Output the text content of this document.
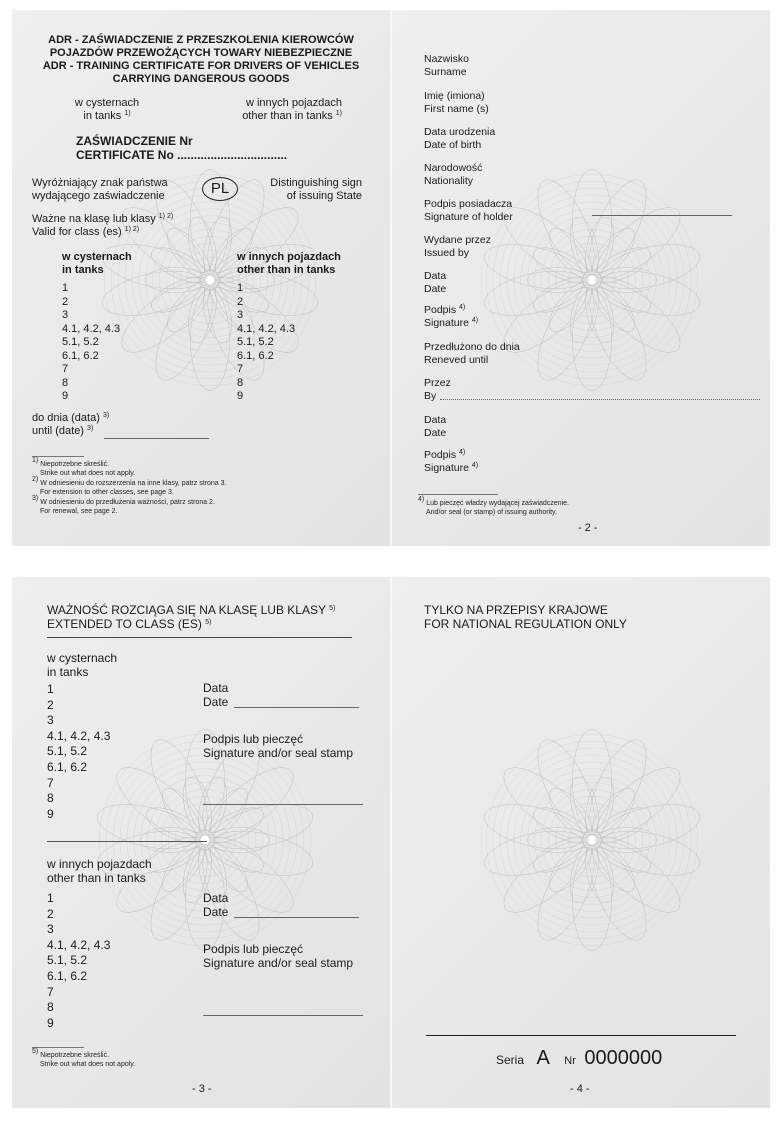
ADR - ZAŚWIADCZENIE Z PRZESZKOLENIA KIEROWCÓW
POJAZDÓW PRZEWOŻĄCYCH TOWARY NIEBEZPIECZNE
ADR - TRAINING CERTIFICATE FOR DRIVERS OF VEHICLES
CARRYING DANGEROUS GOODS
w cysternach
in tanks $^{1)}$
w innych pojazdach
other than in tanks $^{1)}$
ZAŚWIADCZENIE Nr
CERTIFICATE No .................................
Wyróżniający znak państwa
wydającego zaświadczenie	PL	Distinguishing sign
of issuing State
Ważne na klasę lub klasy $^{1) 2)}$
Valid for class (es) $^{1) 2)}$
w cysternach
in tanks
w innych pojazdach
other than in tanks
1
2
3
4.1, 4.2, 4.3
5.1, 5.2
6.1, 6.2
7
8
9
1
2
3
4.1, 4.2, 4.3
5.1, 5.2
6.1, 6.2
7
8
9
do dnia (data) $^{3)}$
until (date) $^{3)}$
$^{1)}$ Niepotrzebne skreślić.
Strike out what does not apply.
$^{2)}$ W odniesieniu do rozszerzenia na inne klasy, patrz strona 3.
For extension to other classes, see page 3.
$^{3)}$ W odniesieniu do przedłużenia ważności, patrz strona 2.
For renewal, see page 2.
Nazwisko
Surname
Imię (imiona)
First name (s)
Data urodzenia
Date of birth
Narodowość
Nationality
Podpis posiadacza
Signature of holder
Wydane przez
Issued by
Data
Date
Podpis $^{4)}$
Signature $^{4)}$
Przedłużono do dnia
Reneved until
Przez
By
Data
Date
Podpis $^{4)}$
Signature $^{4)}$
$^{4)}$ Lub pieczęć władzy wydającej zaświadczenie.
And/or seal (or stamp) of issuing authority.
- 2 -
WAŻNOŚĆ ROZCIĄGA SIĘ NA KLASĘ LUB KLASY $^{5)}$
EXTENDED TO CLASS (ES) $^{5)}$
w cysternach
in tanks
1
2
3
4.1, 4.2, 4.3
5.1, 5.2
6.1, 6.2
7
8
9
Data
Date
Podpis lub pieczęć
Signature and/or seal stamp
w innych pojazdach
other than in tanks
1
2
3
4.1, 4.2, 4.3
5.1, 5.2
6.1, 6.2
7
8
9
Data
Date
Podpis lub pieczęć
Signature and/or seal stamp
$^{5)}$ Niepotrzebne skreślić.
Strike out what does not apoly.
- 3 -
TYLKO NA PRZEPISY KRAJOWE
FOR NATIONAL REGULATION ONLY
Seria A Nr 0000000
- 4 -
